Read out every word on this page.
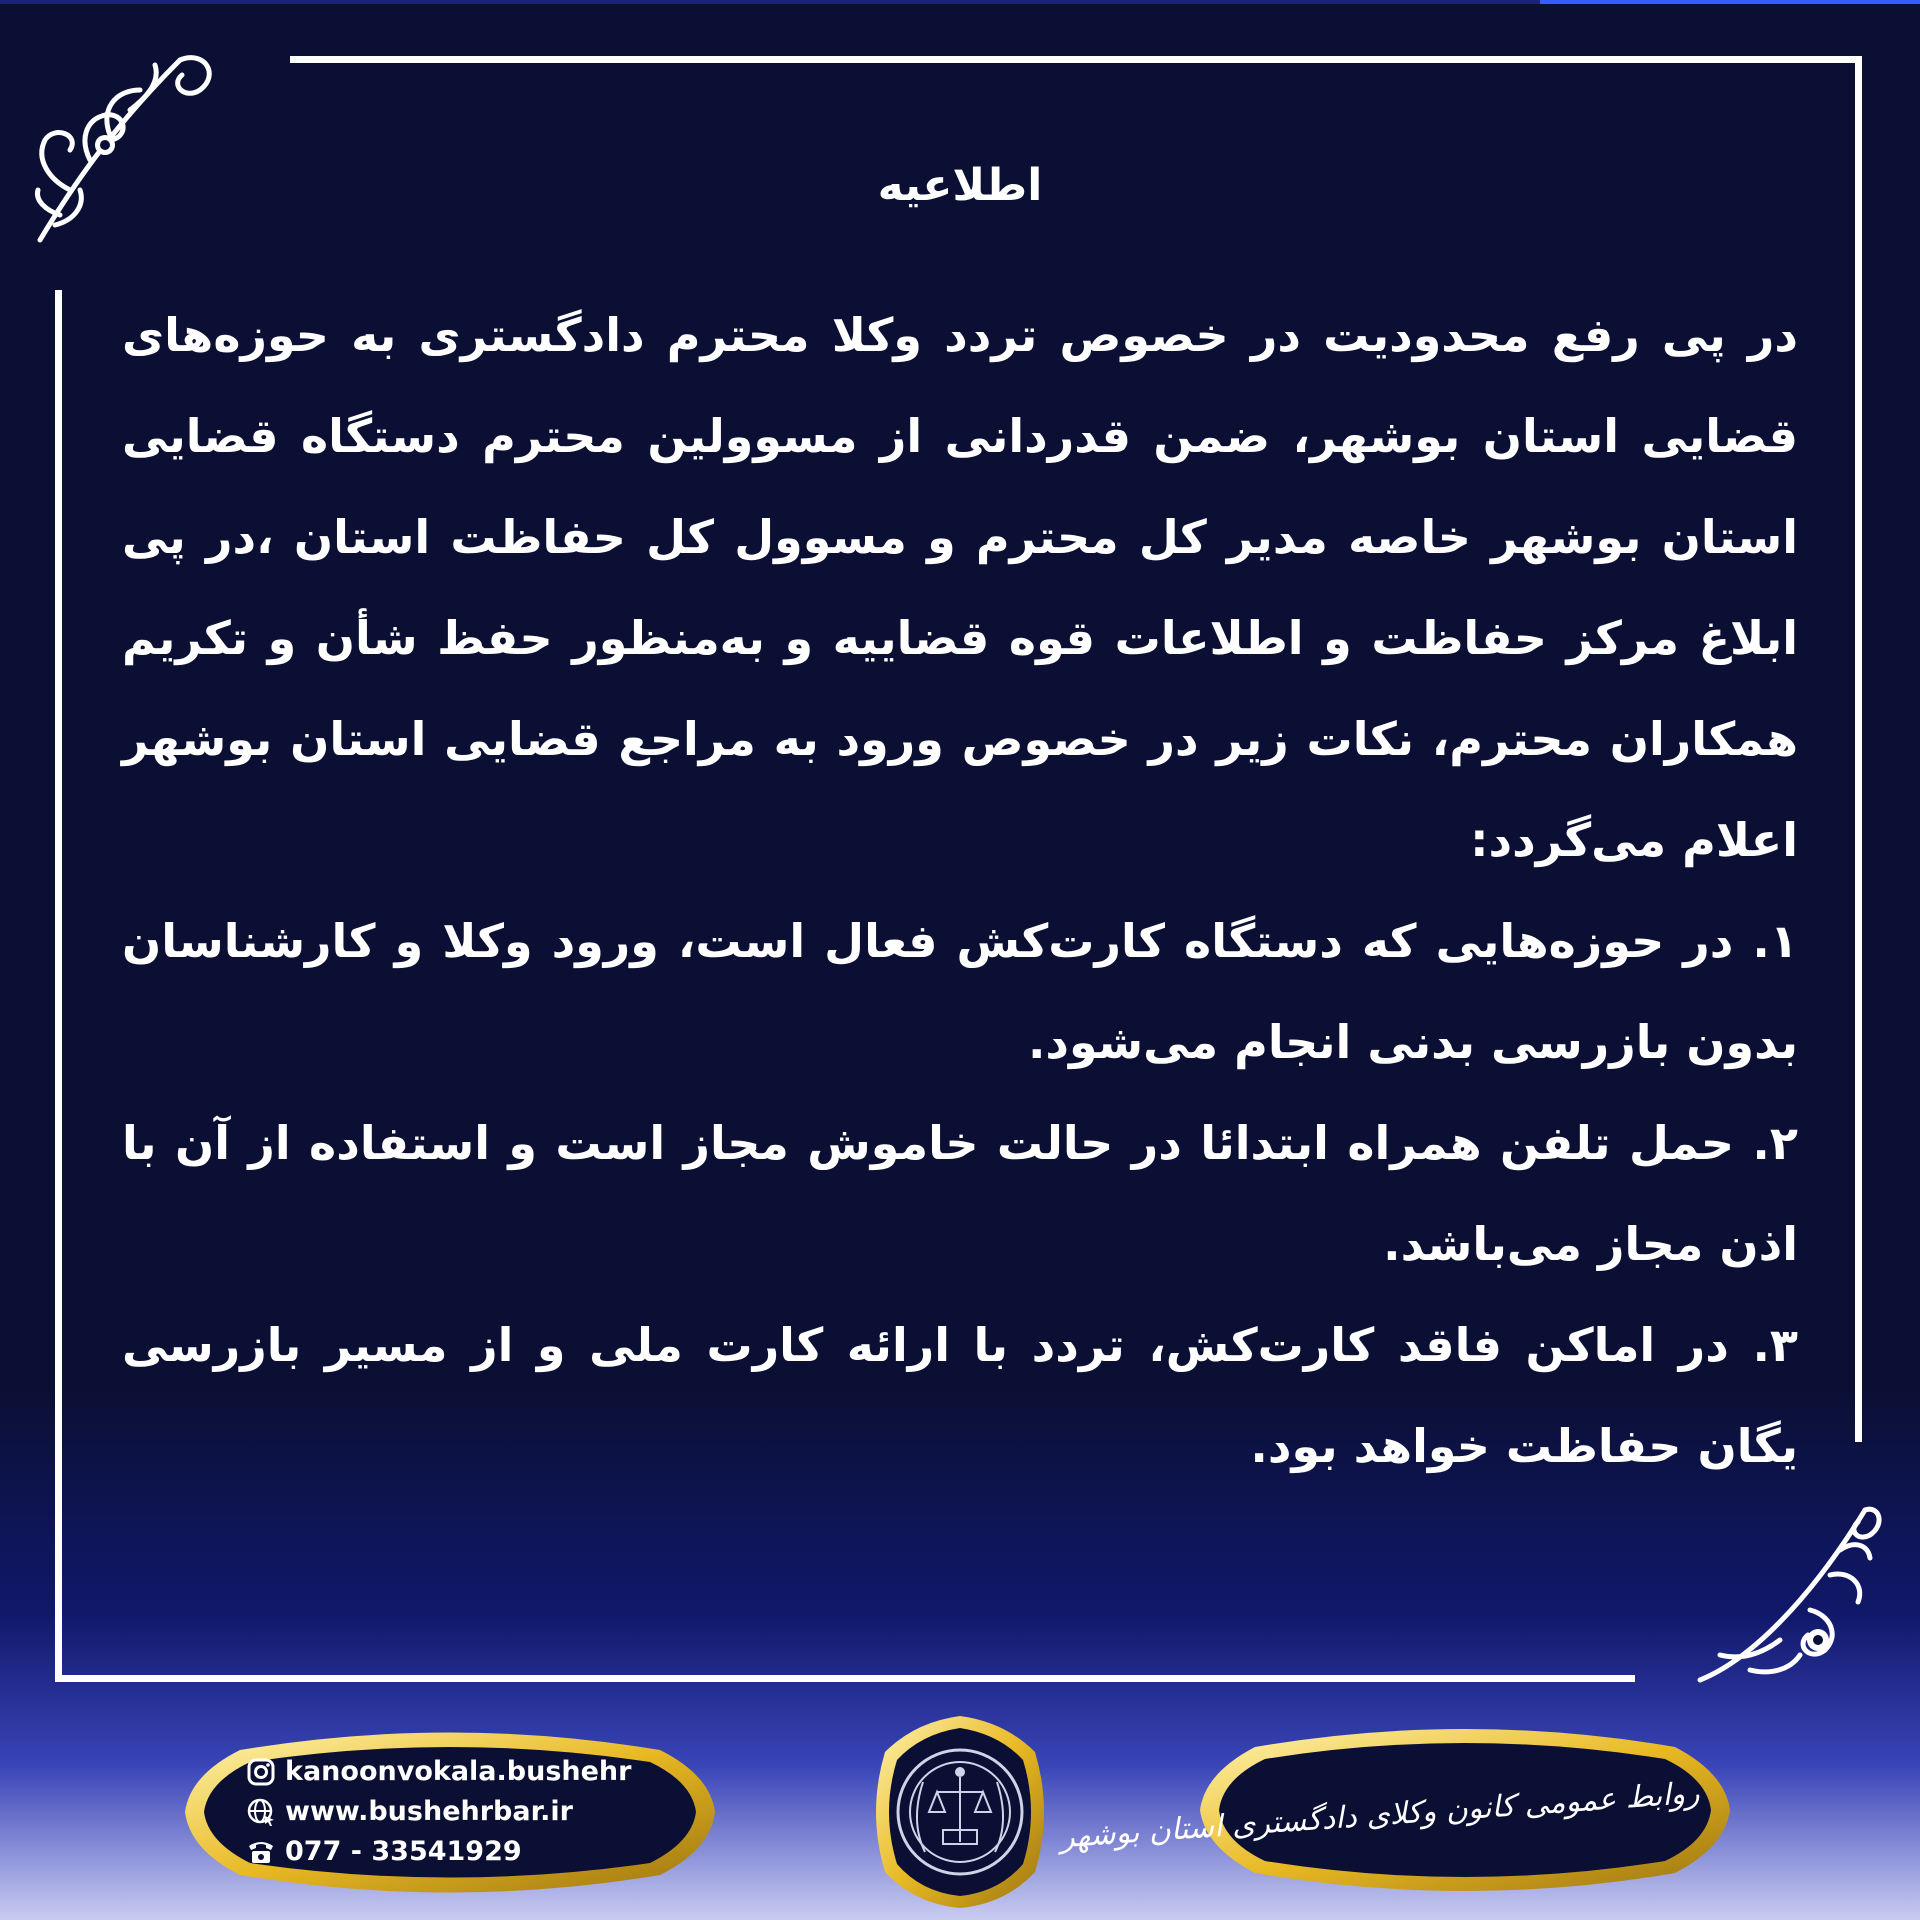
اطلاعیه

در پی رفع محدودیت در خصوص تردد وکلا محترم دادگستری به حوزه‌های قضایی استان بوشهر، ضمن قدردانی از مسوولین محترم دستگاه قضایی استان بوشهر خاصه مدیر کل محترم و مسوول کل حفاظت استان ،در پی ابلاغ مرکز حفاظت و اطلاعات قوه قضاییه و به‌منظور حفظ شأن و تکریم همکاران محترم، نکات زیر در خصوص ورود به مراجع قضایی استان بوشهر اعلام می‌گردد:

۱. در حوزه‌هایی که دستگاه کارت‌کش فعال است، ورود وکلا و کارشناسان بدون بازرسی بدنی انجام می‌شود.

۲. حمل تلفن همراه ابتدائا در حالت خاموش مجاز است و استفاده از آن با اذن مجاز می‌باشد.

۳. در اماکن فاقد کارت‌کش، تردد با ارائه کارت ملی و از مسیر بازرسی یگان حفاظت خواهد بود.

kanoonvokala.bushehr
www.bushehrbar.ir
077 - 33541929	روابط عمومی کانون وکلای دادگستری استان بوشهر
